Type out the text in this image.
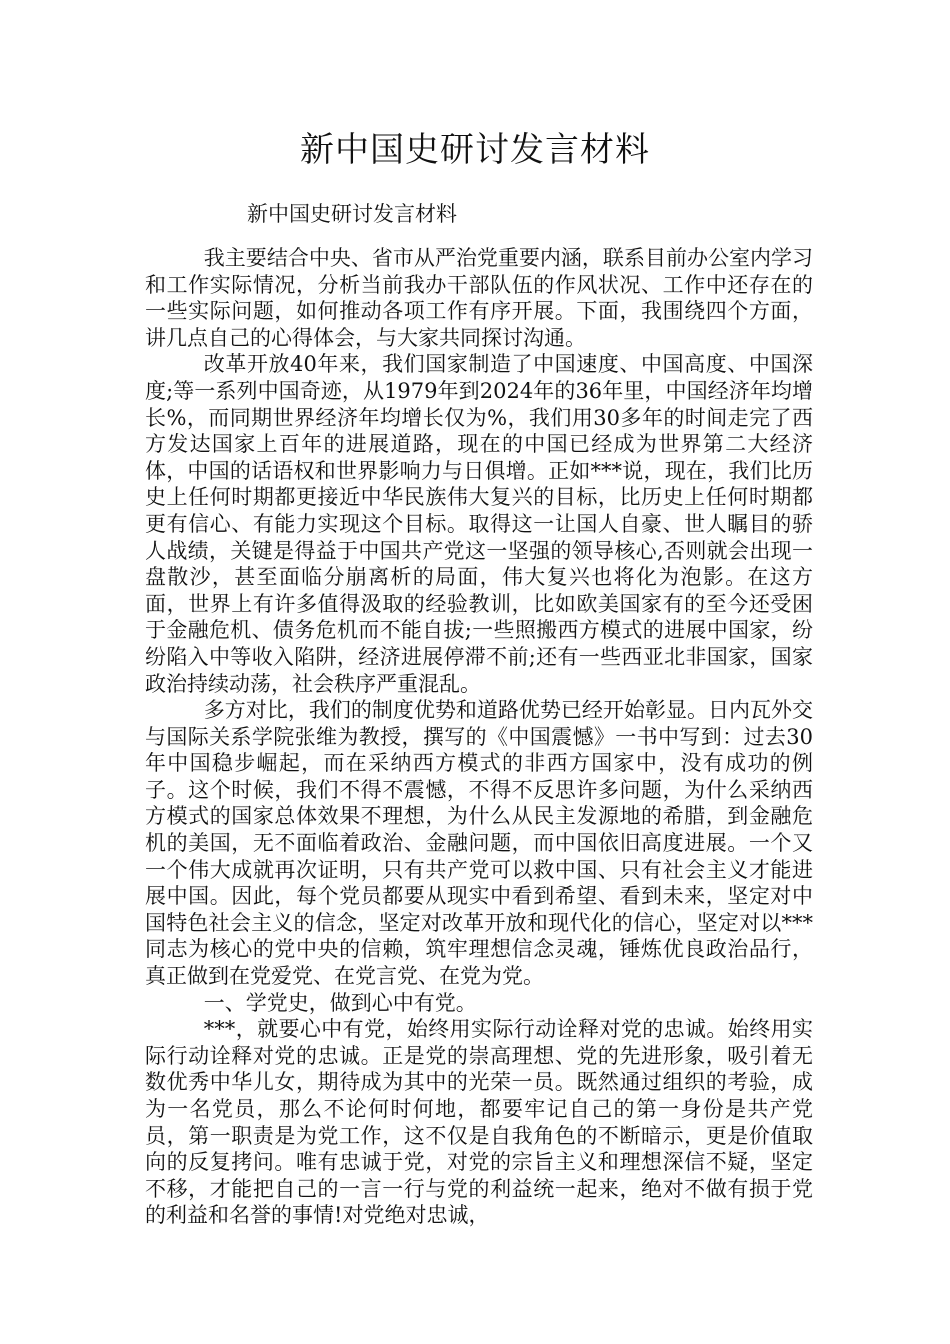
新中国史研讨发言材料

新中国史研讨发言材料

我主要结合中央、省市从严治党重要内涵，联系目前办公室内学习和工作实际情况，分析当前我办干部队伍的作风状况、工作中还存在的一些实际问题，如何推动各项工作有序开展。下面，我围绕四个方面，讲几点自己的心得体会，与大家共同探讨沟通。

改革开放40年来，我们国家制造了中国速度、中国高度、中国深度;等一系列中国奇迹，从1979年到2024年的36年里，中国经济年均增长%，而同期世界经济年均增长仅为%，我们用30多年的时间走完了西方发达国家上百年的进展道路，现在的中国已经成为世界第二大经济体，中国的话语权和世界影响力与日俱增。正如***说，现在，我们比历史上任何时期都更接近中华民族伟大复兴的目标，比历史上任何时期都更有信心、有能力实现这个目标。取得这一让国人自豪、世人瞩目的骄人战绩，关键是得益于中国共产党这一坚强的领导核心,否则就会出现一盘散沙，甚至面临分崩离析的局面，伟大复兴也将化为泡影。在这方面，世界上有许多值得汲取的经验教训，比如欧美国家有的至今还受困于金融危机、债务危机而不能自拔;一些照搬西方模式的进展中国家，纷纷陷入中等收入陷阱，经济进展停滞不前;还有一些西亚北非国家，国家政治持续动荡，社会秩序严重混乱。

多方对比，我们的制度优势和道路优势已经开始彰显。日内瓦外交与国际关系学院张维为教授，撰写的《中国震憾》一书中写到：过去30年中国稳步崛起，而在采纳西方模式的非西方国家中，没有成功的例子。这个时候，我们不得不震憾，不得不反思许多问题，为什么采纳西方模式的国家总体效果不理想，为什么从民主发源地的希腊，到金融危机的美国，无不面临着政治、金融问题，而中国依旧高度进展。一个又一个伟大成就再次证明，只有共产党可以救中国、只有社会主义才能进展中国。因此，每个党员都要从现实中看到希望、看到未来，坚定对中国特色社会主义的信念，坚定对改革开放和现代化的信心，坚定对以***同志为核心的党中央的信赖，筑牢理想信念灵魂，锤炼优良政治品行，真正做到在党爱党、在党言党、在党为党。

一、学党史，做到心中有党。

***，就要心中有党，始终用实际行动诠释对党的忠诚。始终用实际行动诠释对党的忠诚。正是党的崇高理想、党的先进形象，吸引着无数优秀中华儿女，期待成为其中的光荣一员。既然通过组织的考验，成为一名党员，那么不论何时何地，都要牢记自己的第一身份是共产党员，第一职责是为党工作，这不仅是自我角色的不断暗示，更是价值取向的反复拷问。唯有忠诚于党，对党的宗旨主义和理想深信不疑，坚定不移，才能把自己的一言一行与党的利益统一起来，绝对不做有损于党的利益和名誉的事情!对党绝对忠诚，
